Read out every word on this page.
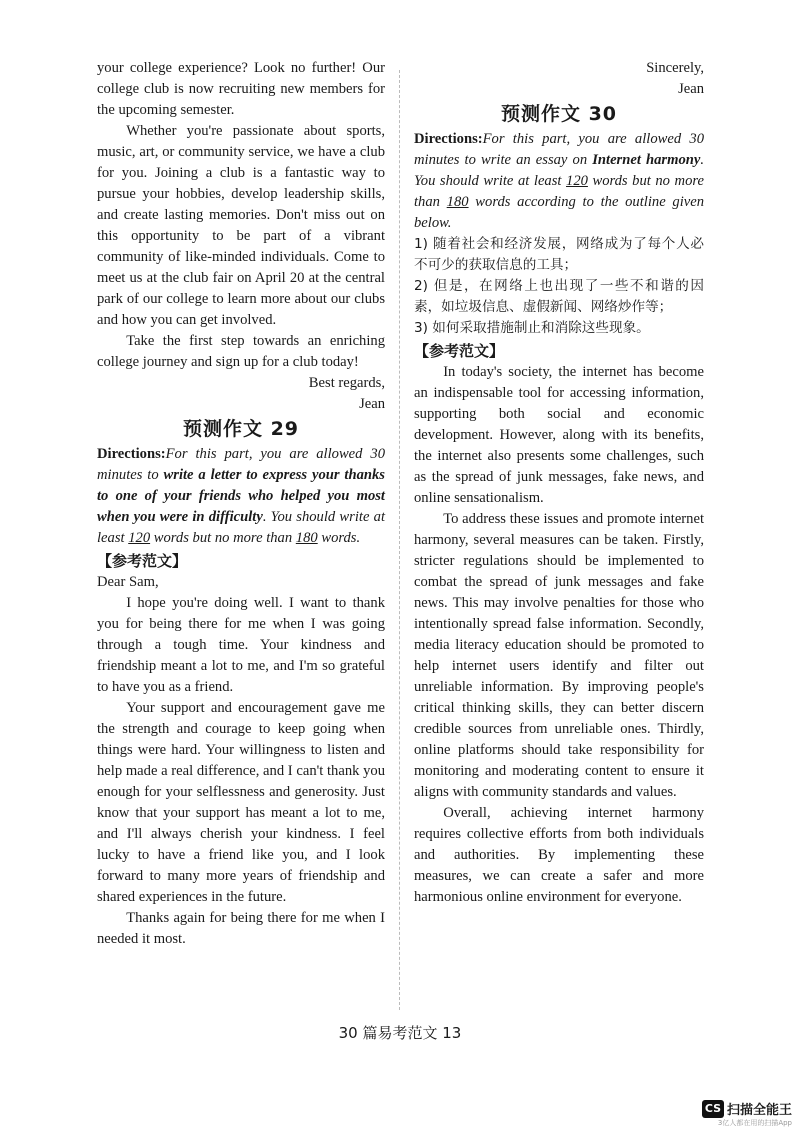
your college experience? Look no further! Our college club is now recruiting new members for the upcoming semester.

Whether you're passionate about sports, music, art, or community service, we have a club for you. Joining a club is a fantastic way to pursue your hobbies, develop leadership skills, and create lasting memories. Don't miss out on this opportunity to be part of a vibrant community of like-minded individuals. Come to meet us at the club fair on April 20 at the central park of our college to learn more about our clubs and how you can get involved.

Take the first step towards an enriching college journey and sign up for a club today!

Best regards,

Jean

预测作文 29

Directions:For this part, you are allowed 30 minutes to write a letter to express your thanks to one of your friends who helped you most when you were in difficulty. You should write at least 120 words but no more than 180 words.

【参考范文】

Dear Sam,

I hope you're doing well. I want to thank you for being there for me when I was going through a tough time. Your kindness and friendship meant a lot to me, and I'm so grateful to have you as a friend.

Your support and encouragement gave me the strength and courage to keep going when things were hard. Your willingness to listen and help made a real difference, and I can't thank you enough for your selflessness and generosity. Just know that your support has meant a lot to me, and I'll always cherish your kindness. I feel lucky to have a friend like you, and I look forward to many more years of friendship and shared experiences in the future.

Thanks again for being there for me when I needed it most.

Sincerely,

Jean

预测作文 30

Directions:For this part, you are allowed 30 minutes to write an essay on Internet harmony. You should write at least 120 words but no more than 180 words according to the outline given below.

1) 随着社会和经济发展，网络成为了每个人必不可少的获取信息的工具；

2) 但是，在网络上也出现了一些不和谐的因素，如垃圾信息、虚假新闻、网络炒作等；

3) 如何采取措施制止和消除这些现象。

【参考范文】

In today's society, the internet has become an indispensable tool for accessing information, supporting both social and economic development. However, along with its benefits, the internet also presents some challenges, such as the spread of junk messages, fake news, and online sensationalism.

To address these issues and promote internet harmony, several measures can be taken. Firstly, stricter regulations should be implemented to combat the spread of junk messages and fake news. This may involve penalties for those who intentionally spread false information. Secondly, media literacy education should be promoted to help internet users identify and filter out unreliable information. By improving people's critical thinking skills, they can better discern credible sources from unreliable ones. Thirdly, online platforms should take responsibility for monitoring and moderating content to ensure it aligns with community standards and values.

Overall, achieving internet harmony requires collective efforts from both individuals and authorities. By implementing these measures, we can create a safer and more harmonious online environment for everyone.

30 篇易考范文 13
CS 扫描全能王
3亿人都在用的扫描App
